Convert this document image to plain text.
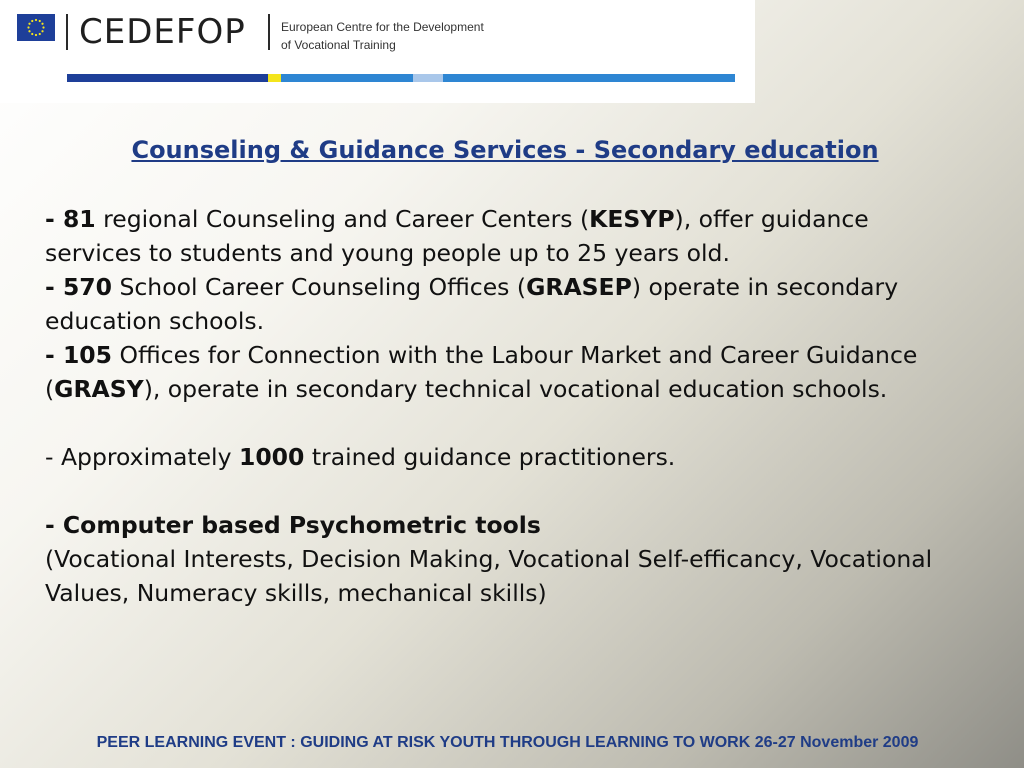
CEDEFOP	European Centre for the Development
of Vocational Training
Counseling & Guidance Services - Secondary education

- 81 regional Counseling and Career Centers (KESYP), offer guidance services to students and young people up to 25 years old.

- 570 School Career Counseling Offices (GRASEP) operate in secondary education schools.

- 105 Offices for Connection with the Labour Market and Career Guidance (GRASY), operate in secondary technical vocational education schools.

- Approximately 1000 trained guidance practitioners.

- Computer based Psychometric tools

(Vocational Interests, Decision Making, Vocational Self-efficancy, Vocational Values, Numeracy skills, mechanical skills)

PEER LEARNING EVENT : GUIDING AT RISK YOUTH THROUGH LEARNING TO WORK 26-27 November 2009
